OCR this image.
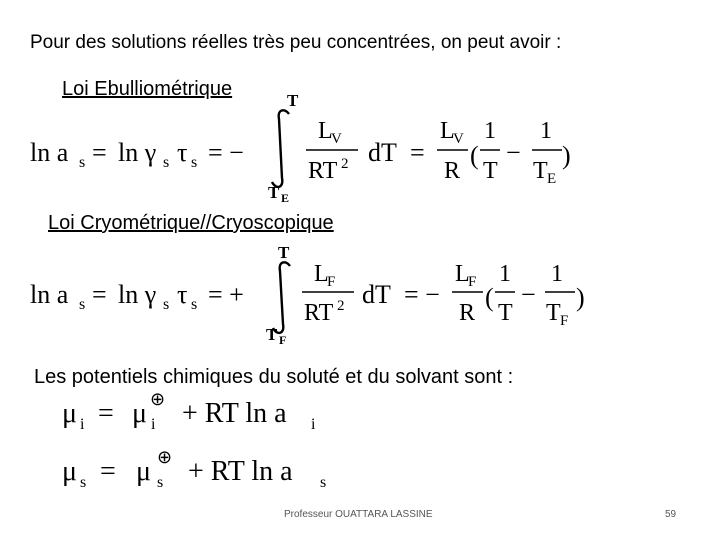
Pour des solutions réelles très peu concentrées, on peut avoir :
Loi Ebulliométrique
ln a s = ln γ s τ s = −
T
T E
L
V
RT 2 dT =
L
V
R
(
1
T
−
1
T E
)
Loi Cryométrique//Cryoscopique
ln a s = ln γ s τ s = +
T
T F
L
F
RT 2 dT = −
L
F
R
(
1
T
−
1
T F
)
Les potentiels chimiques du soluté et du solvant sont :
μ i = μ ⊕
i + RT ln a i
μ s = μ ⊕
s + RT ln a s
Professeur OUATTARA LASSINE	59
